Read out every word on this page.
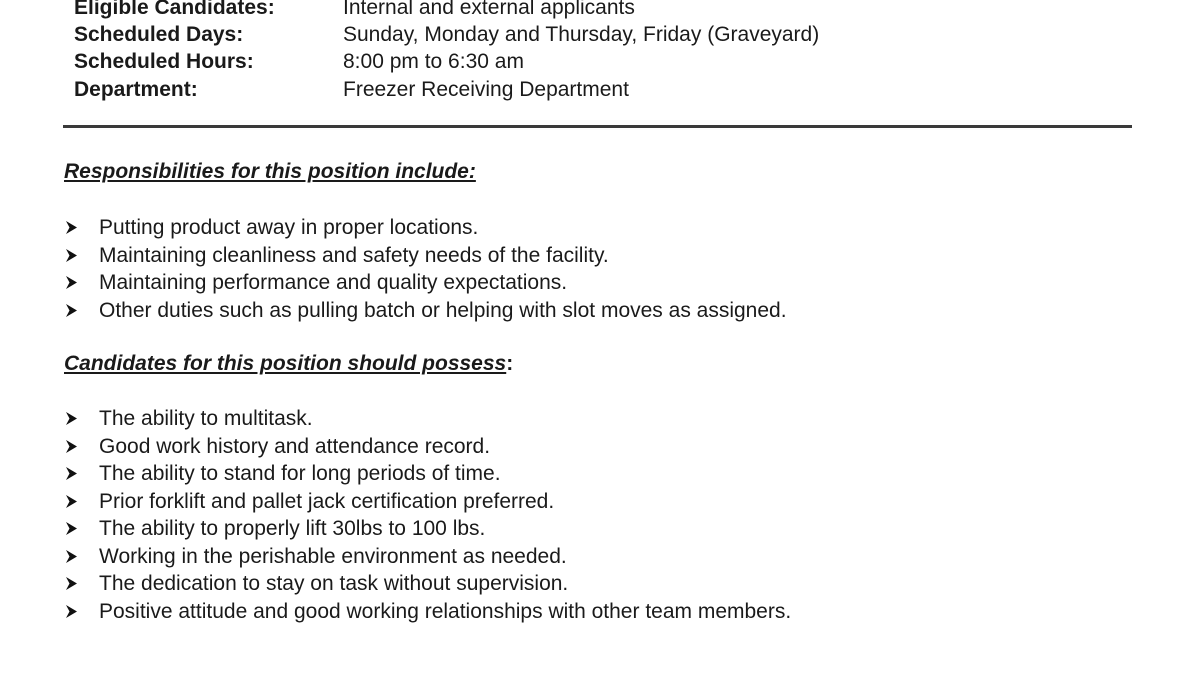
Eligible Candidates:	Internal and external applicants
Scheduled Days:	Sunday, Monday and Thursday, Friday (Graveyard)
Scheduled Hours:	8:00 pm to 6:30 am
Department:	Freezer Receiving Department
Responsibilities for this position include:
Putting product away in proper locations.
Maintaining cleanliness and safety needs of the facility.
Maintaining performance and quality expectations.
Other duties such as pulling batch or helping with slot moves as assigned.
Candidates for this position should possess:
The ability to multitask.
Good work history and attendance record.
The ability to stand for long periods of time.
Prior forklift and pallet jack certification preferred.
The ability to properly lift 30lbs to 100 lbs.
Working in the perishable environment as needed.
The dedication to stay on task without supervision.
Positive attitude and good working relationships with other team members.
